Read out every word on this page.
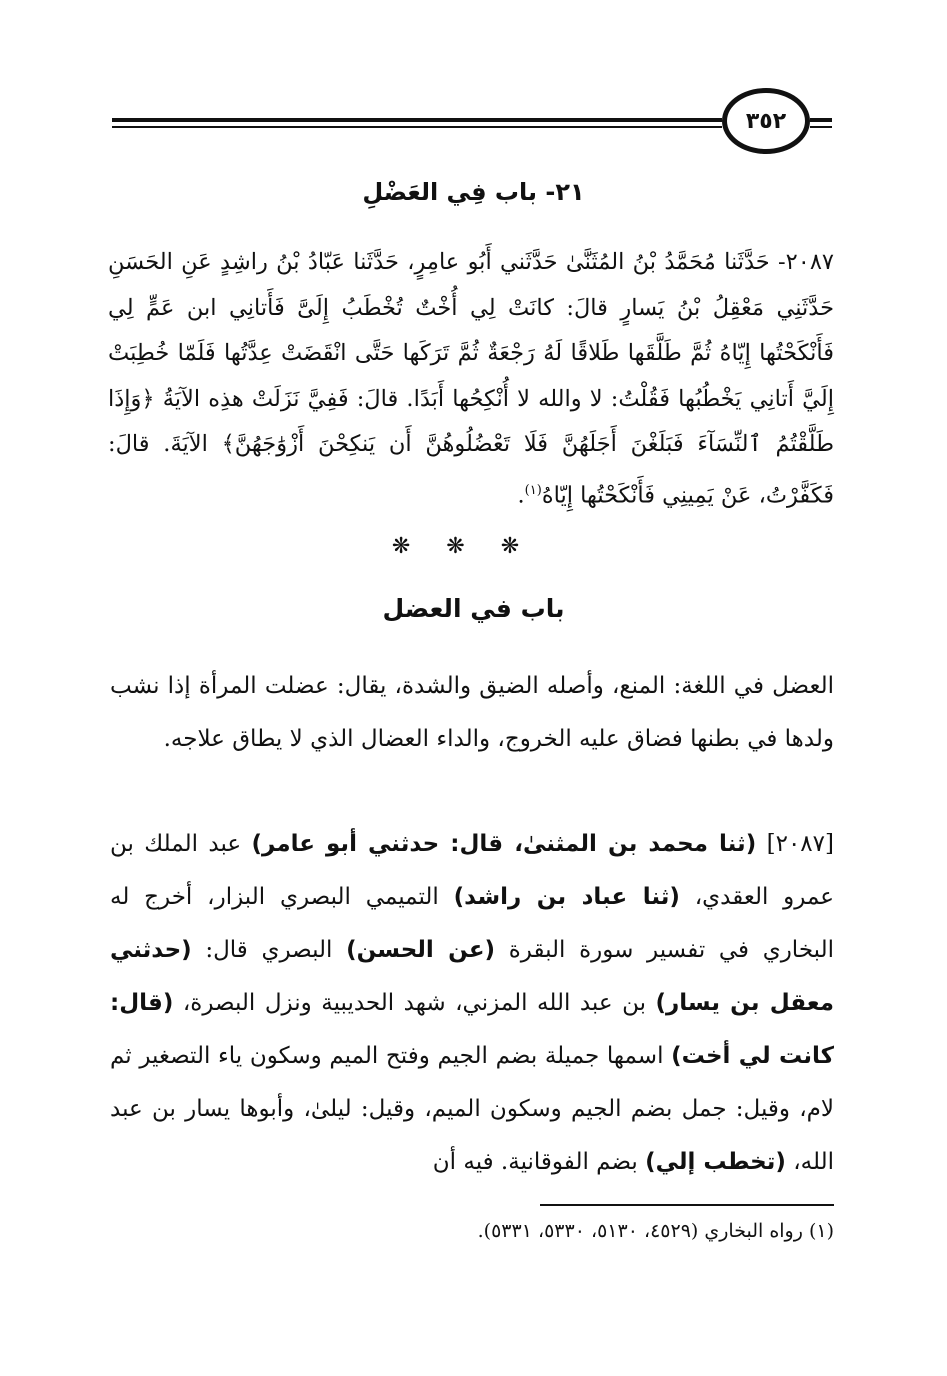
٣٥٢
٢١- باب فِي العَضْلِ
٢٠٨٧- حَدَّثَنا مُحَمَّدُ بْنُ المُثَنَّىٰ حَدَّثَني أَبُو عامِرٍ، حَدَّثَنا عَبّادُ بْنُ راشِدٍ عَنِ الحَسَنِ حَدَّثَنِي مَعْقِلُ بْنُ يَسارٍ قالَ: كانَتْ لِي أُخْتٌ تُخْطَبُ إِلَىَّ فَأَتانِي ابن عَمٍّ لِي فَأَنْكَحْتُها إِيّاهُ ثُمَّ طَلَّقَها طَلاقًا لَهُ رَجْعَةٌ ثُمَّ تَرَكَها حَتَّى انْقَضَتْ عِدَّتُها فَلَمّا خُطِبَتْ إِلَيَّ أَتانِي يَخْطُبُها فَقُلْتُ: لا والله لا أُنْكِحُها أَبَدًا. قالَ: فَفِيَّ نَزَلَتْ هذِه الآيَةُ ﴿وَإِذَا طَلَّقْتُمُ ٱلنِّسَآءَ فَبَلَغْنَ أَجَلَهُنَّ فَلَا تَعْضُلُوهُنَّ أَن يَنكِحْنَ أَزْوَٰجَهُنَّ﴾ الآيَةَ. قالَ: فَكَفَّرْتُ، عَنْ يَمِينِي فَأَنْكَحْتُها إِيّاهُ$^{(١)}$.
❋❋❋
باب في العضل
العضل في اللغة: المنع، وأصله الضيق والشدة، يقال: عضلت المرأة إذا نشب ولدها في بطنها فضاق عليه الخروج، والداء العضال الذي لا يطاق علاجه.
[٢٠٨٧] (ثنا محمد بن المثنىٰ، قال: حدثني أبو عامر) عبد الملك بن عمرو العقدي، (ثنا عباد بن راشد) التميمي البصري البزار، أخرج له البخاري في تفسير سورة البقرة (عن الحسن) البصري قال: (حدثني معقل بن يسار) بن عبد الله المزني، شهد الحديبية ونزل البصرة، (قال: كانت لي أخت) اسمها جميلة بضم الجيم وفتح الميم وسكون ياء التصغير ثم لام، وقيل: جمل بضم الجيم وسكون الميم، وقيل: ليلىٰ، وأبوها يسار بن عبد الله، (تخطب إلي) بضم الفوقانية. فيه أن
(١) رواه البخاري (٤٥٢٩، ٥١٣٠، ٥٣٣٠، ٥٣٣١).
